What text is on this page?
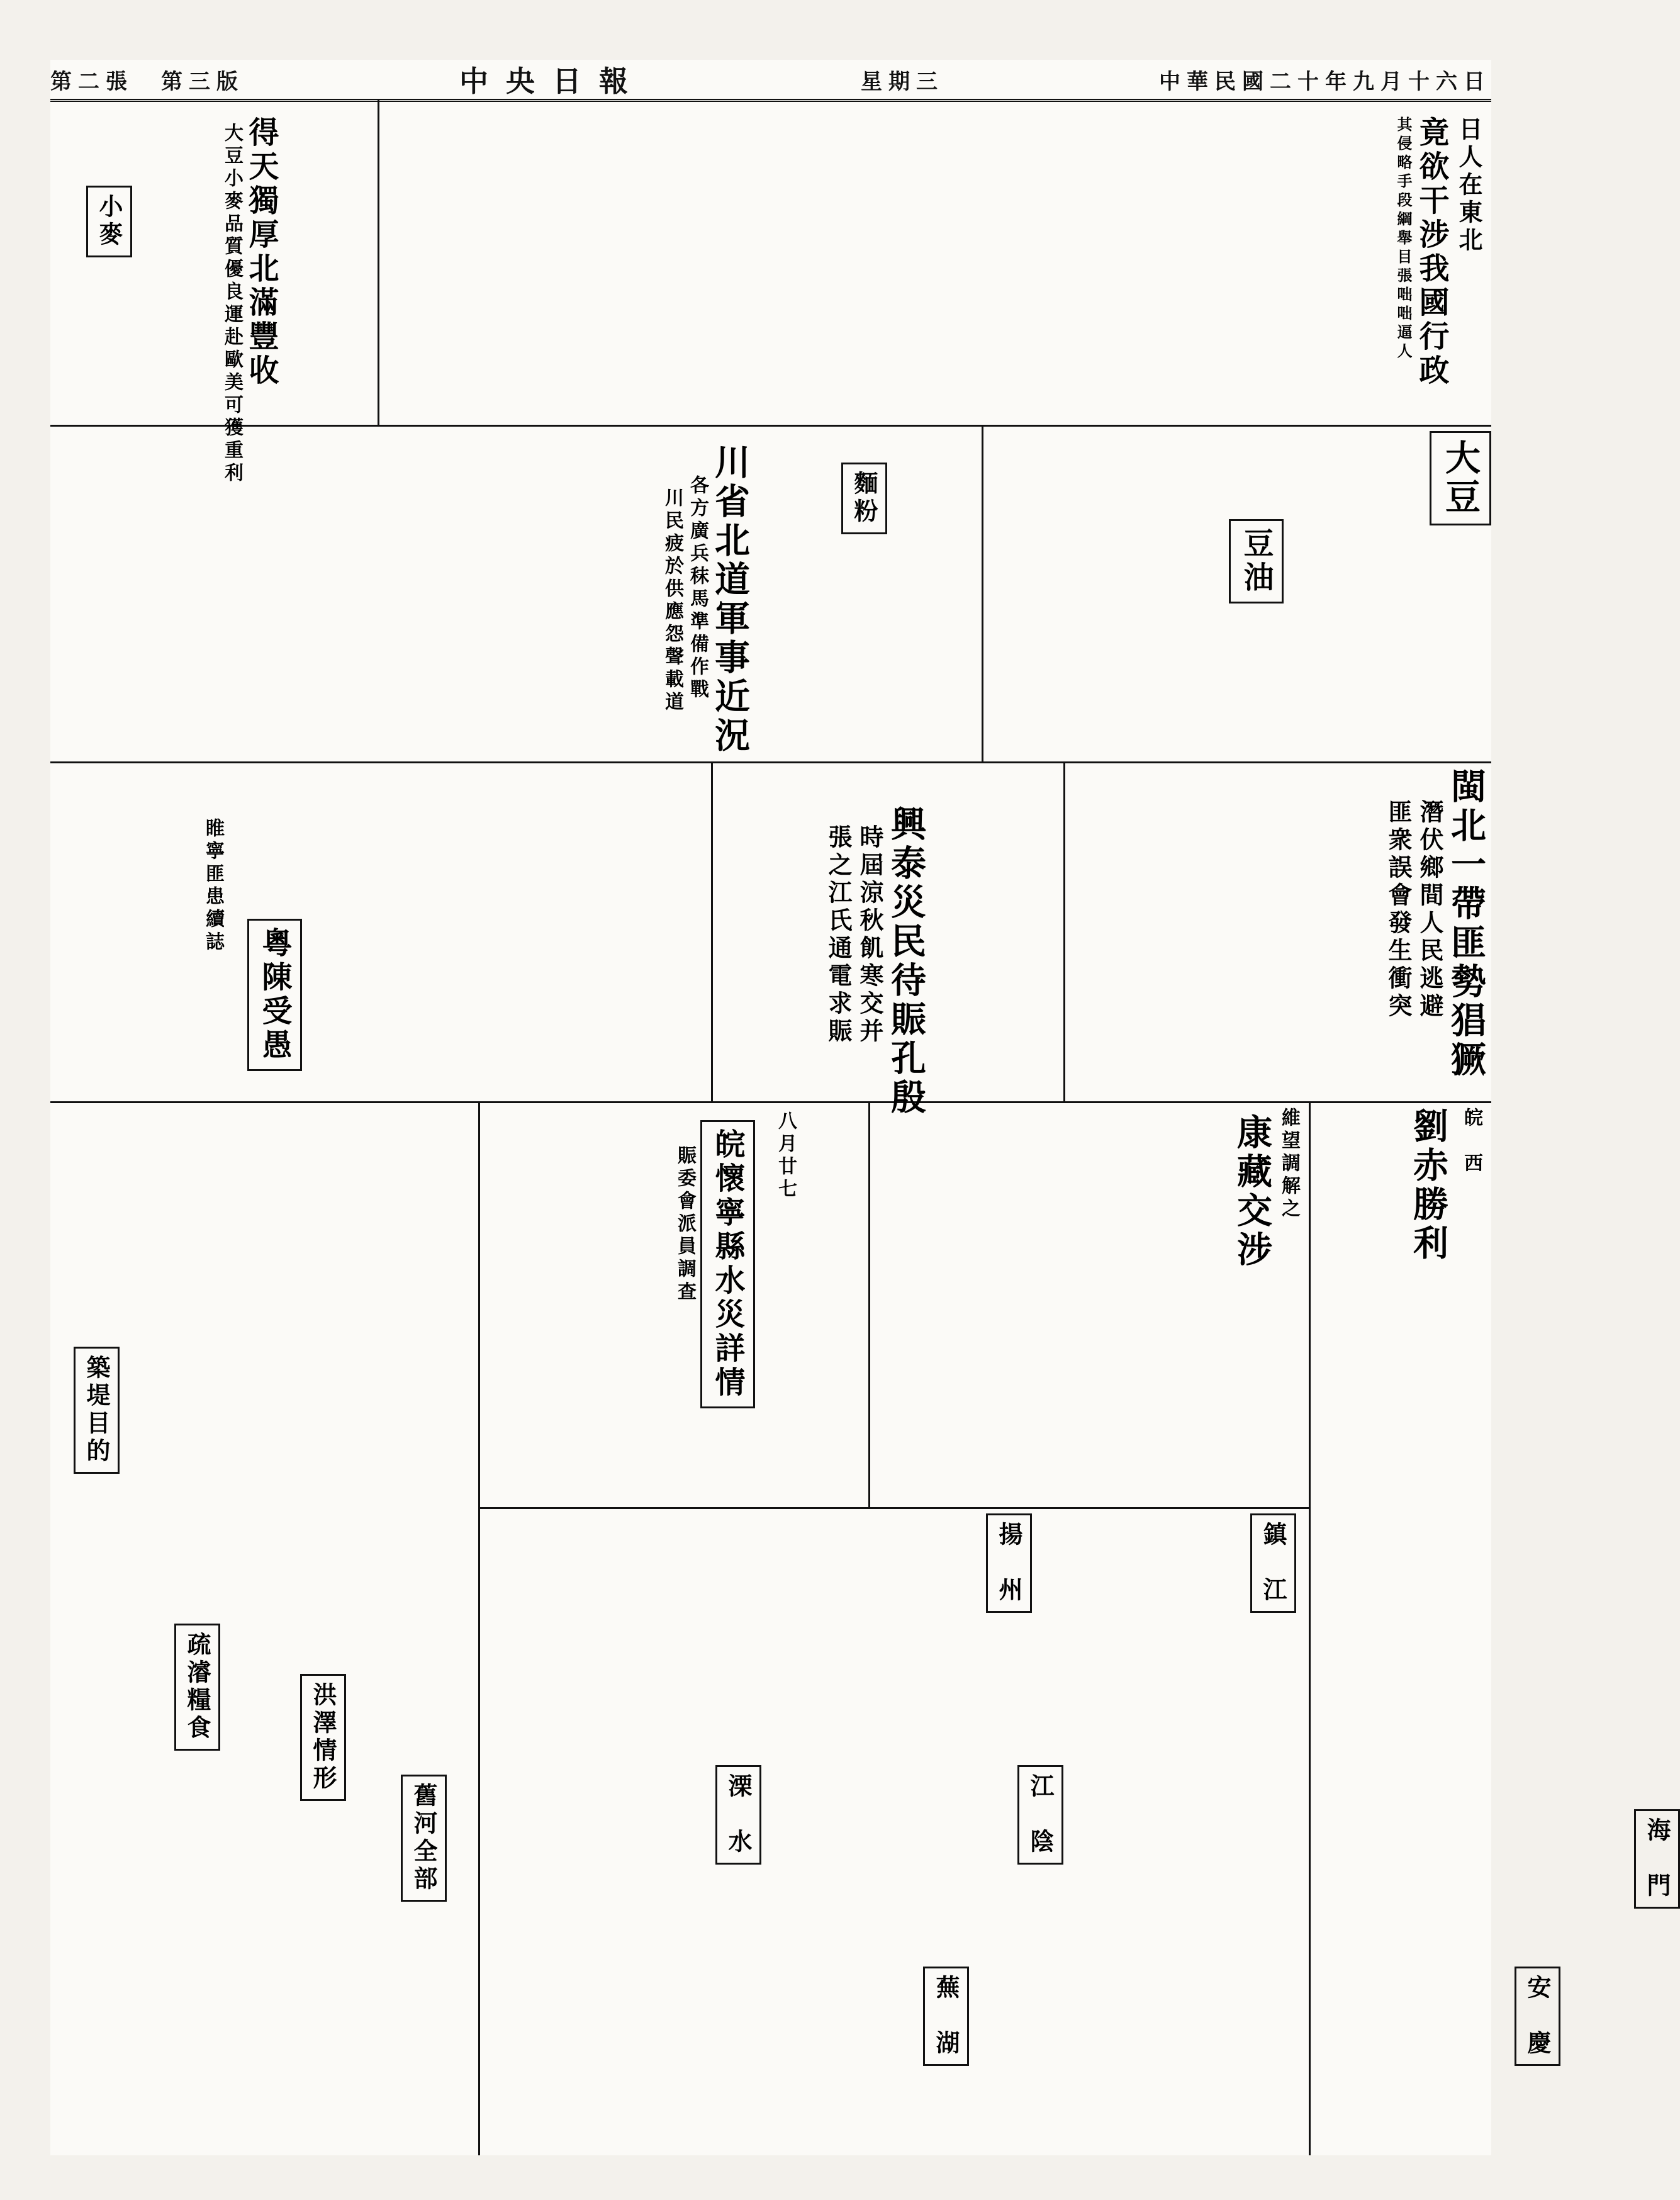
中華民國二十年九月十六日
星期三
中央日報
第二張　第三版
日人在東北
竟欲干涉我國行政
其侵略手段綱舉目張咄咄逼人
得天獨厚北滿豐收
大豆小麥品質優良運赴歐美可獲重利
小麥
大豆
豆油
川省北道軍事近況
各方廣兵秣馬準備作戰
川民疲於供應怨聲載道	麵粉
閩北一帶匪勢猖獗
潛伏鄉間人民逃避
匪衆誤會發生衝突
興泰災民待賑孔殷
時屆涼秋飢寒交并
張之江氏通電求賑
粵陳受愚
睢寧匪患續誌
皖　西
劉赤勝利
維望調解之
康藏交涉
八月廿七
皖懷寧縣水災詳情
賑委會派員調查
築堤目的
疏濬糧食	洪澤情形
舊河全部
鎮　江
揚　州
江　陰
溧　水
海　門
安　慶
蕪　湖
